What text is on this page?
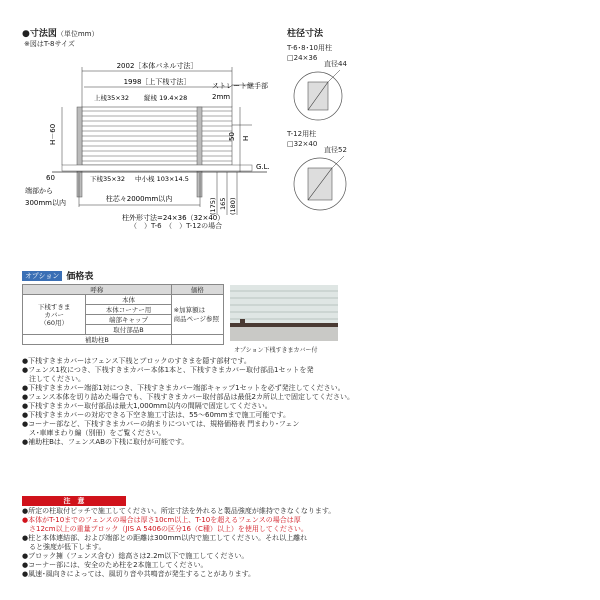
●寸法図（単位mm）
※図はT-8サイズ
柱径寸法
2002［本体パネル寸法］
1998［上下桟寸法］
上桟35×32 縦桟 19.4×28
ストレート継手部
2mm
H－60	50 H
G.L.
下桟35×32 中小桟 103×14.5
柱芯々2000mm以内
60
(175) 165 (180)
端部から
300mm以内
柱外形寸法=24×36（32×40）
（　）T-6　（　）T-12の場合
T-6･8･10用柱
□24×36
直径44
T-12用柱
□32×40
直径52
オプション 価格表
呼称		価格
下桟すきま
カバー
（60用）	本体	※加算額は
商品ページ参照
	本体コーナー用	
	端部キャップ	
	取付部品B	
補助柱B		
オプション下桟すきまカバー付
●下桟すきまカバーはフェンス下桟とブロックのすきまを隠す部材です。
●フェンス1枚につき、下桟すきまカバー本体1本と、下桟すきまカバー取付部品1セットを発
　注してください。
●下桟すきまカバー端部1対につき、下桟すきまカバー端部キャップ1セットを必ず発注してください。
●フェンス本体を切り詰めた場合でも、下桟すきまカバー取付部品は最低2カ所以上で固定してください。
●下桟すきまカバー取付部品は最大1,000mm以内の間隔で固定してください。
●下桟すきまカバーの対応できる下空き施工寸法は、55～60mmまで施工可能です。
●コーナー部など、下桟すきまカバーの納まりについては、規格価格表 門まわり･フェン
　ス･車庫まわり編（別冊）をご覧ください。
●補助柱Bは、フェンスABの下桟に取付が可能です。
注　意
●所定の柱取付ピッチで施工してください。所定寸法を外れると製品強度が維持できなくなります。
●本体がT-10までのフェンスの場合は厚さ10cm以上、T-10を超えるフェンスの場合は厚
　さ12cm以上の重量ブロック（JIS A 5406の区分16（C種）以上）を使用してください。
●柱と本体連結部、および端部との距離は300mm以内で施工してください。それ以上離れ
　ると強度が低下します。
●ブロック擁（フェンス含む）総高さは2.2m以下で施工してください。
●コーナー部には、安全のため柱を2本施工してください。
●風速･風向きによっては、風切り音や共鳴音が発生することがあります。
